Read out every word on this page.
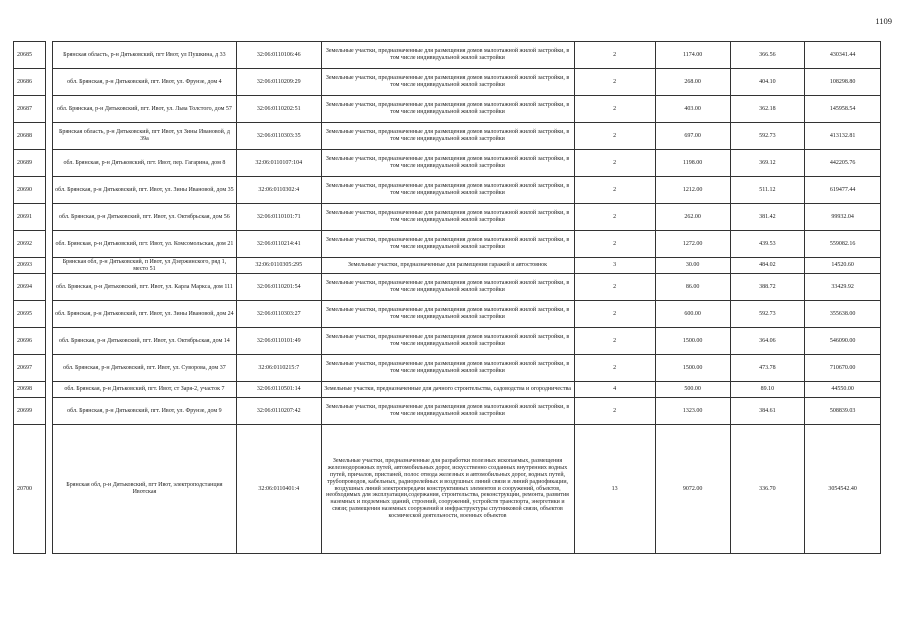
1109
20685		Брянская область, р-н Дятьковский, пгт Ивот, ул Пушкина, д 33	32:06:0110106:46	Земельные участки, предназначенные для размещения домов малоэтажной жилой застройки, в том числе индивидуальной жилой застройки	2	1174.00	366.56	430341.44
20686		обл. Брянская, р-н Дятьковский, пгт. Ивот, ул. Фрунзе, дом 4	32:06:0110209:29	Земельные участки, предназначенные для размещения домов малоэтажной жилой застройки, в том числе индивидуальной жилой застройки	2	268.00	404.10	108298.80
20687		обл. Брянская, р-н Дятьковский, пгт. Ивот, ул. Льва Толстого, дом 57	32:06:0110202:51	Земельные участки, предназначенные для размещения домов малоэтажной жилой застройки, в том числе индивидуальной жилой застройки	2	403.00	362.18	145958.54
20688		Брянская область, р-н Дятьковский, пгт Ивот, ул Зины Ивановой, д 39а	32:06:0110303:35	Земельные участки, предназначенные для размещения домов малоэтажной жилой застройки, в том числе индивидуальной жилой застройки	2	697.00	592.73	413132.81
20689		обл. Брянская, р-н Дятьковский, пгт. Ивот, пер. Гагарина, дом 8	32:06:0110107:104	Земельные участки, предназначенные для размещения домов малоэтажной жилой застройки, в том числе индивидуальной жилой застройки	2	1198.00	369.12	442205.76
20690		обл. Брянская, р-н Дятьковский, пгт. Ивот, ул. Зины Ивановой, дом 35	32:06:0110302:4	Земельные участки, предназначенные для размещения домов малоэтажной жилой застройки, в том числе индивидуальной жилой застройки	2	1212.00	511.12	619477.44
20691		обл. Брянская, р-н Дятьковский, пгт. Ивот, ул. Октябрьская, дом 56	32:06:0110101:71	Земельные участки, предназначенные для размещения домов малоэтажной жилой застройки, в том числе индивидуальной жилой застройки	2	262.00	381.42	99932.04
20692		обл. Брянская, р-н Дятьковский, пгт. Ивот, ул. Комсомольская, дом 21	32:06:0110214:41	Земельные участки, предназначенные для размещения домов малоэтажной жилой застройки, в том числе индивидуальной жилой застройки	2	1272.00	439.53	559082.16
20693		Брянская обл, р-н Дятьковский, п Ивот, ул Дзержинского, ряд 1, место 51	32:06:0110305:295	Земельные участки, предназначенные для размещения гаражей и автостоянок	3	30.00	484.02	14520.60
20694		обл. Брянская, р-н Дятьковский, пгт. Ивот, ул. Карла Маркса, дом 111	32:06:0110201:54	Земельные участки, предназначенные для размещения домов малоэтажной жилой застройки, в том числе индивидуальной жилой застройки	2	86.00	388.72	33429.92
20695		обл. Брянская, р-н Дятьковский, пгт. Ивот, ул. Зины Ивановой, дом 24	32:06:0110303:27	Земельные участки, предназначенные для размещения домов малоэтажной жилой застройки, в том числе индивидуальной жилой застройки	2	600.00	592.73	355638.00
20696		обл. Брянская, р-н Дятьковский, пгт. Ивот, ул. Октябрьская, дом 14	32:06:0110101:49	Земельные участки, предназначенные для размещения домов малоэтажной жилой застройки, в том числе индивидуальной жилой застройки	2	1500.00	364.06	546090.00
20697		обл. Брянская, р-н Дятьковский, пгт. Ивот, ул. Суворова, дом 37	32:06:0110215:7	Земельные участки, предназначенные для размещения домов малоэтажной жилой застройки, в том числе индивидуальной жилой застройки	2	1500.00	473.78	710670.00
20698		обл. Брянская, р-н Дятьковский, пгт. Ивот, ст Заря-2, участок 7	32:06:0110501:14	Земельные участки, предназначенные для дачного строительства, садоводства и огородничества	4	500.00	89.10	44550.00
20699		обл. Брянская, р-н Дятьковский, пгт. Ивот, ул. Фрунзе, дом 9	32:06:0110207:42	Земельные участки, предназначенные для размещения домов малоэтажной жилой застройки, в том числе индивидуальной жилой застройки	2	1323.00	384.61	508839.03
20700		Брянская обл, р-н Дятьковский, пгт Ивот, электроподстанция Ивотская	32:06:0110401:4	Земельные участки, предназначенные для разработки полезных ископаемых, размещения железнодорожных путей, автомобильных дорог, искусственно созданных внутренних водных путей, причалов, пристаней, полос отвода железных и автомобильных дорог, водных путей, трубопроводов, кабельных, радиорелейных и воздушных линий связи и линий радиофикации, воздушных линий электропередачи конструктивных элементов и сооружений, объектов, необходимых для эксплуатации,содержания, строительства, реконструкции, ремонта, развития наземных и подземных зданий, строений, сооружений, устройств транспорта, энергетики и связи; размещения наземных сооружений и инфраструктуры спутниковой связи, объектов космической деятельности, военных объектов	13	9072.00	336.70	3054542.40
